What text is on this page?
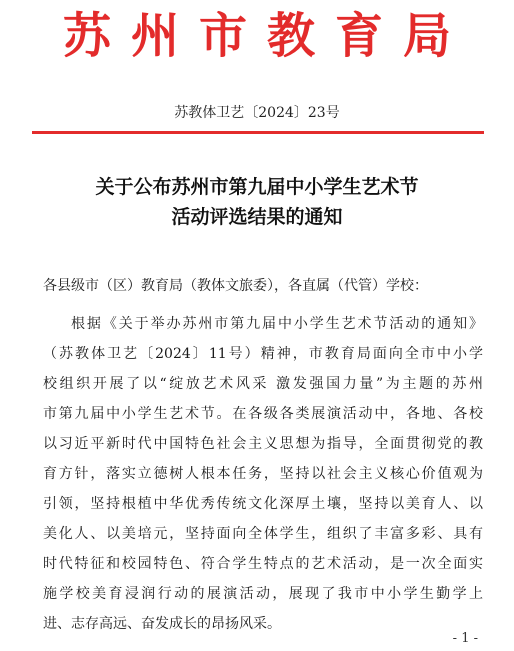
苏州市教育局
苏教体卫艺〔2024〕23号
关于公布苏州市第九届中小学生艺术节
活动评选结果的通知
各县级市（区）教育局（教体文旅委），各直属（代管）学校：
根据《关于举办苏州市第九届中小学生艺术节活动的通知》
（苏教体卫艺〔2024〕11号）精神，市教育局面向全市中小学
校组织开展了以“绽放艺术风采 激发强国力量”为主题的苏州
市第九届中小学生艺术节。在各级各类展演活动中，各地、各校
以习近平新时代中国特色社会主义思想为指导，全面贯彻党的教
育方针，落实立德树人根本任务，坚持以社会主义核心价值观为
引领，坚持根植中华优秀传统文化深厚土壤，坚持以美育人、以
美化人、以美培元，坚持面向全体学生，组织了丰富多彩、具有
时代特征和校园特色、符合学生特点的艺术活动，是一次全面实
施学校美育浸润行动的展演活动，展现了我市中小学生勤学上
进、志存高远、奋发成长的昂扬风采。
- 1 -
